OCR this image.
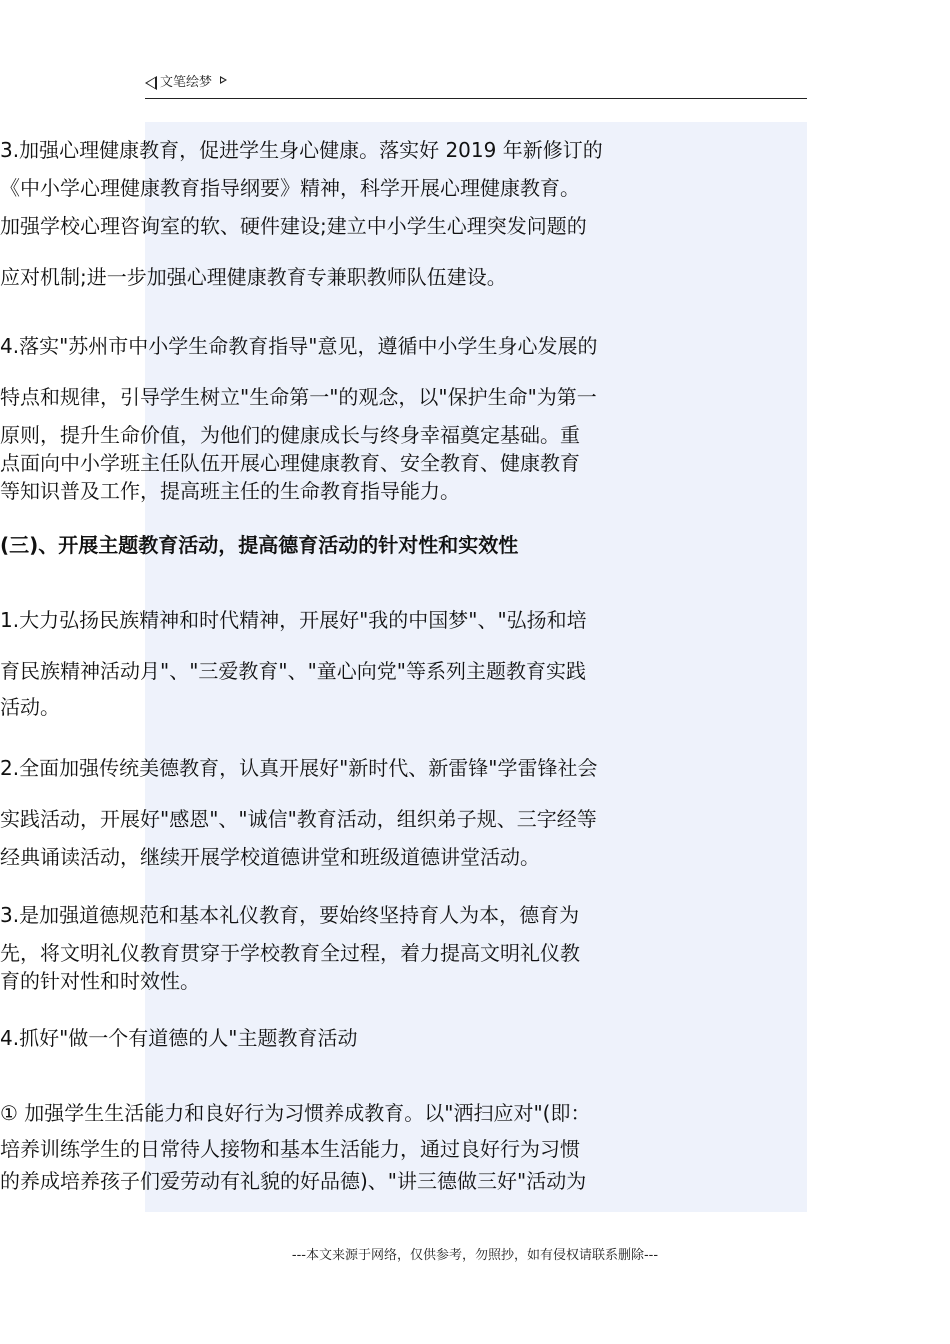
文笔绘梦
3.加强心理健康教育，促进学生身心健康。落实好 2019 年新修订的
《中小学心理健康教育指导纲要》精神，科学开展心理健康教育。
加强学校心理咨询室的软、硬件建设;建立中小学生心理突发问题的
应对机制;进一步加强心理健康教育专兼职教师队伍建设。
4.落实"苏州市中小学生命教育指导"意见，遵循中小学生身心发展的
特点和规律，引导学生树立"生命第一"的观念，以"保护生命"为第一
原则，提升生命价值，为他们的健康成长与终身幸福奠定基础。重
点面向中小学班主任队伍开展心理健康教育、安全教育、健康教育
等知识普及工作，提高班主任的生命教育指导能力。
(三)、开展主题教育活动，提高德育活动的针对性和实效性
1.大力弘扬民族精神和时代精神，开展好"我的中国梦"、"弘扬和培
育民族精神活动月"、"三爱教育"、"童心向党"等系列主题教育实践
活动。
2.全面加强传统美德教育，认真开展好"新时代、新雷锋"学雷锋社会
实践活动，开展好"感恩"、"诚信"教育活动，组织弟子规、三字经等
经典诵读活动，继续开展学校道德讲堂和班级道德讲堂活动。
3.是加强道德规范和基本礼仪教育，要始终坚持育人为本，德育为
先，将文明礼仪教育贯穿于学校教育全过程，着力提高文明礼仪教
育的针对性和时效性。
4.抓好"做一个有道德的人"主题教育活动
① 加强学生生活能力和良好行为习惯养成教育。以"洒扫应对"(即：
培养训练学生的日常待人接物和基本生活能力，通过良好行为习惯
的养成培养孩子们爱劳动有礼貌的好品德)、"讲三德做三好"活动为
---本文来源于网络，仅供参考，勿照抄，如有侵权请联系删除---
